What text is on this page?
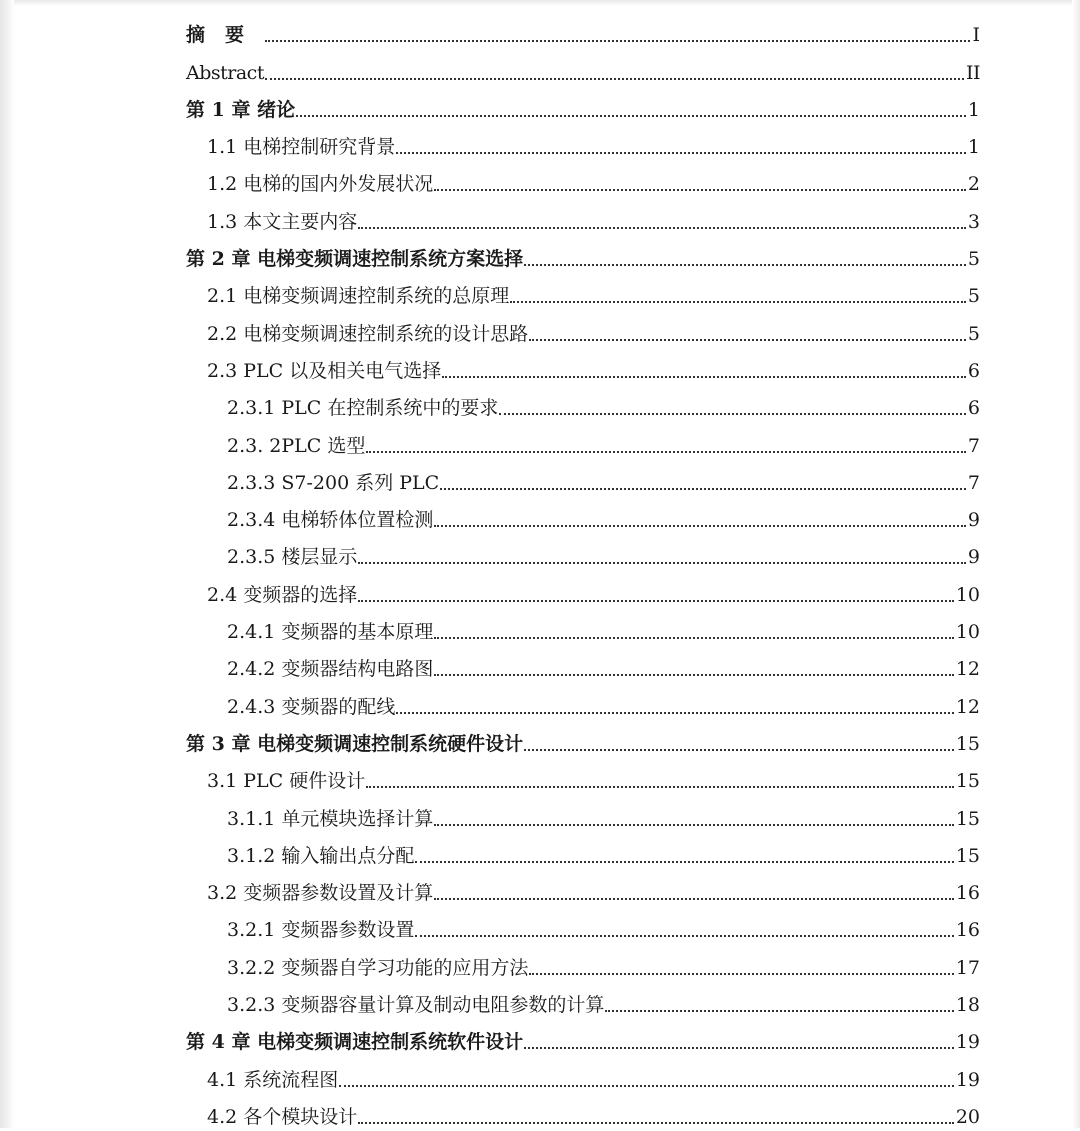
摘要	I
Abstract	II
第 1 章 绪论	1
1.1 电梯控制研究背景	1
1.2 电梯的国内外发展状况	2
1.3 本文主要内容	3
第 2 章 电梯变频调速控制系统方案选择	5
2.1 电梯变频调速控制系统的总原理	5
2.2 电梯变频调速控制系统的设计思路	5
2.3 PLC 以及相关电气选择	6
2.3.1 PLC 在控制系统中的要求	6
2.3. 2PLC 选型	7
2.3.3 S7-200 系列 PLC	7
2.3.4 电梯轿体位置检测	9
2.3.5 楼层显示	9
2.4 变频器的选择	10
2.4.1 变频器的基本原理	10
2.4.2 变频器结构电路图	12
2.4.3 变频器的配线	12
第 3 章 电梯变频调速控制系统硬件设计	15
3.1 PLC 硬件设计	15
3.1.1 单元模块选择计算	15
3.1.2 输入输出点分配	15
3.2 变频器参数设置及计算	16
3.2.1 变频器参数设置	16
3.2.2 变频器自学习功能的应用方法	17
3.2.3 变频器容量计算及制动电阻参数的计算	18
第 4 章 电梯变频调速控制系统软件设计	19
4.1 系统流程图	19
4.2 各个模块设计	20
